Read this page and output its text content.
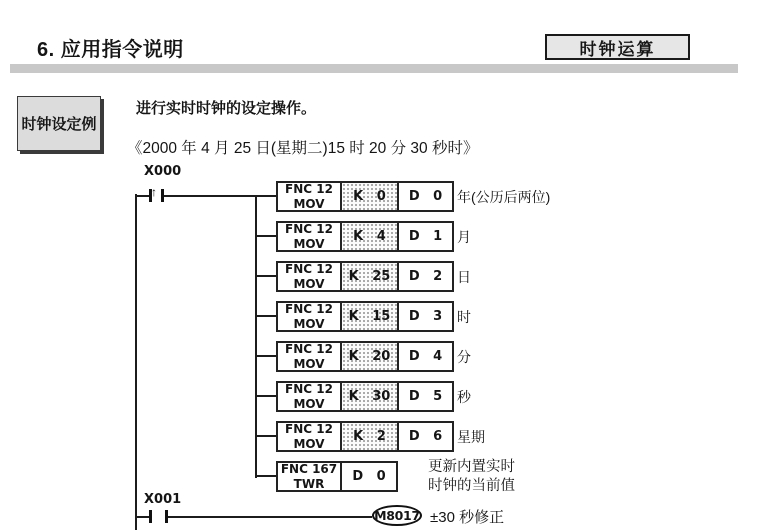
6. 应用指令说明	时钟运算
时钟设定例
进行实时时钟的设定操作。
《2000 年 4 月 25 日(星期二)15 时 20 分 30 秒时》
X000
↑	FNC 12
MOV	K 0	D 0	年(公历后两位)
FNC 12
MOV	K 4	D 1	月
FNC 12
MOV	K 25	D 2	日
FNC 12
MOV	K 15	D 3	时
FNC 12
MOV	K 20	D 4	分
FNC 12
MOV	K 30	D 5	秒
FNC 12
MOV	K 2	D 6	星期
FNC 167
TWR	D 0
更新内置实时
时钟的当前值
X001
M8017 ±30 秒修正
